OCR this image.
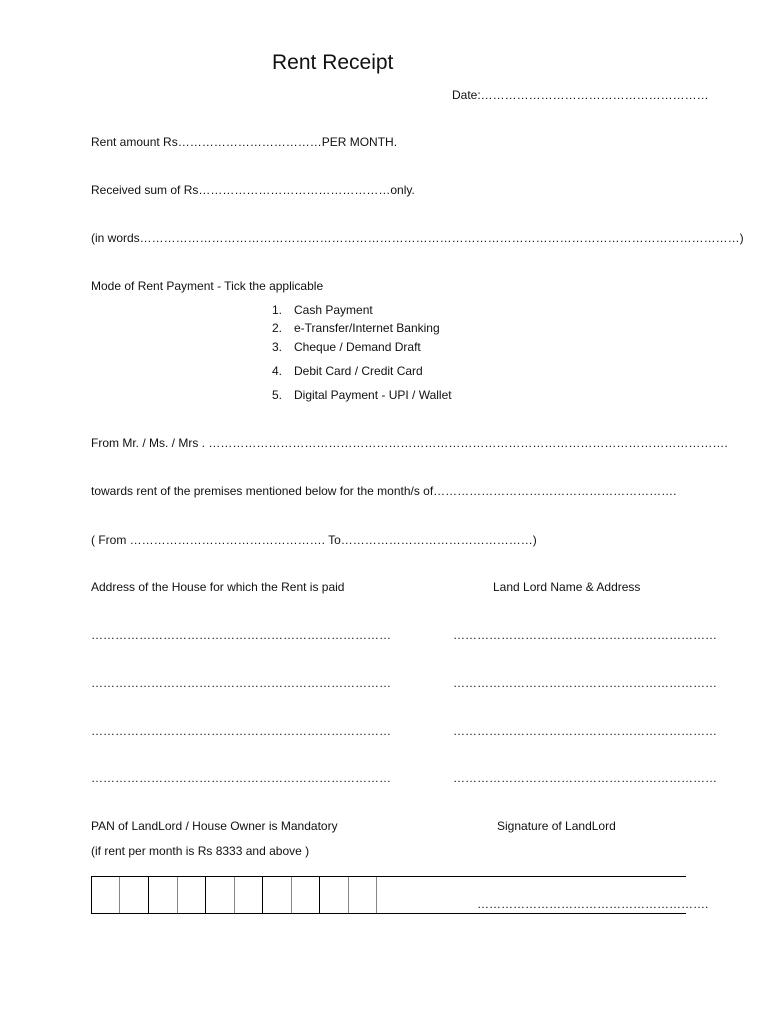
Rent Receipt
Date:…………………………………………………
Rent amount Rs………………………………PER MONTH.
Received sum of Rs…………………………………………only.
(in words……………………………………………………………………………………………………………………………………)
Mode of Rent Payment - Tick the applicable
1. Cash Payment
2. e-Transfer/Internet Banking
3. Cheque / Demand Draft
4. Debit Card / Credit Card
5. Digital Payment - UPI / Wallet
From Mr. / Ms. / Mrs . ………………………………………………………………………………………………………………….
towards rent of the premises mentioned below for the month/s of…………………………………………………….
( From …………………………………………. To…………………………………………)
Address of the House for which the Rent is paid	Land Lord Name & Address
…………………………………………………………………
…………………………………………………………………
…………………………………………………………………
…………………………………………………………………
…………………………………………………………
…………………………………………………………
…………………………………………………………
…………………………………………………………
PAN of LandLord / House Owner is Mandatory
(if rent per month is Rs 8333 and above )
Signature of LandLord
………………………………………………….
